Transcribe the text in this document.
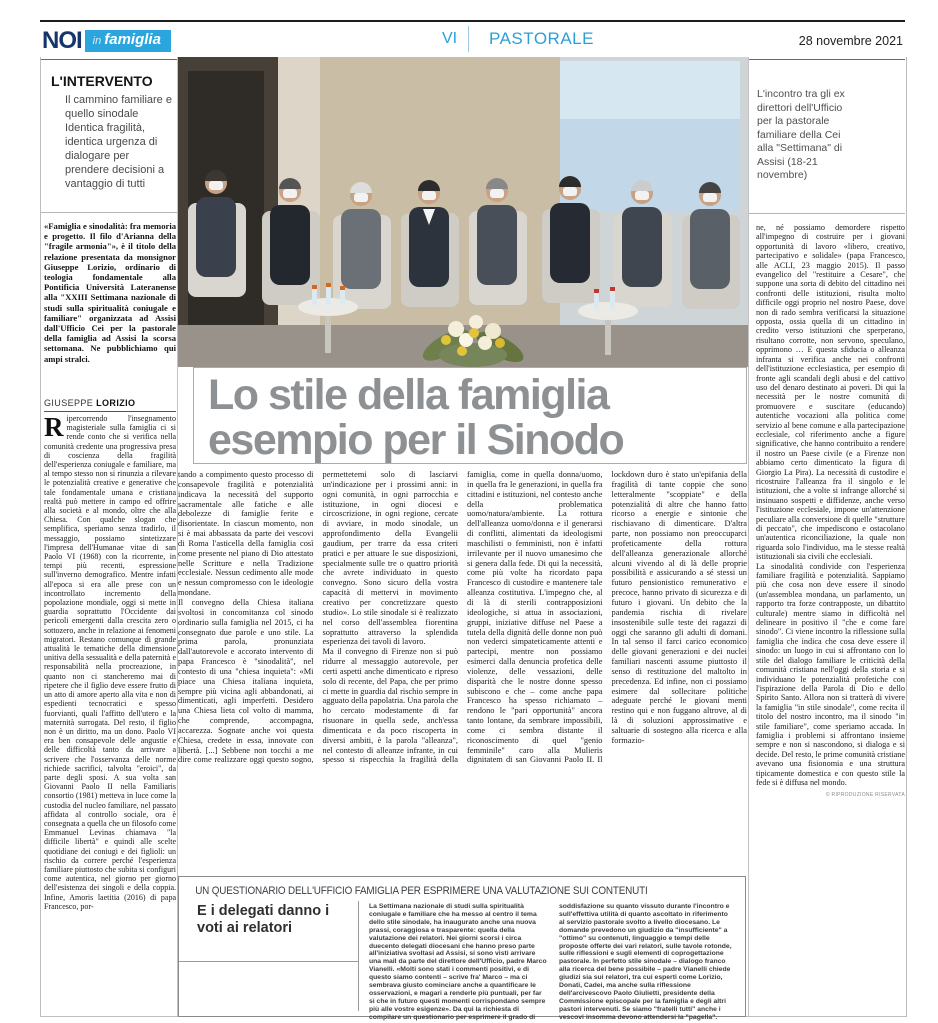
NOI	in famiglia	VI	PASTORALE	28 novembre 2021
L'INTERVENTO
Il cammino familiare e quello sinodale Identica fragilità, identica urgenza di dialogare per prendere decisioni a vantaggio di tutti
«Famiglia e sinodalità: fra memoria e progetto. Il filo d'Arianna della "fragile armonia"», è il titolo della relazione presentata da monsignor Giuseppe Lorizio, ordinario di teologia fondamentale alla Pontificia Università Lateranense alla "XXIII Settimana nazionale di studi sulla spiritualità coniugale e familiare" organizzata ad Assisi dall'Ufficio Cei per la pastorale della famiglia ad Assisi la scorsa settomana. Ne pubblichiamo qui ampi stralci.
GIUSEPPE LORIZIO
Ripercorrendo l'insegnamento magisteriale sulla famiglia ci si rende conto che si verifica nella comunità credente una progressiva presa di coscienza della fragilità dell'esperienza coniugale e familiare, ma al tempo stesso non si rinunzia a rilevare le potenzialità creative e generative che tale fondamentale umana e cristiana realtà può mettere in campo ed offrire alla società e al mondo, oltre che alla Chiesa. Con qualche slogan che semplifica, speriamo senza tradirlo, il messaggio, possiamo sintetizzare l'impresa dell'Humanae vitae di san Paolo VI (1968) con la ricorrente, in tempi più recenti, espressione sull'inverno demografico. Mentre infatti all'epoca si era alle prese con un incontrollato incremento della popolazione mondiale, oggi si mette in guardia soprattutto l'Occidente dai pericoli emergenti dalla crescita zero o sottozero, anche in relazione ai fenomeni migratori. Restano comunque di grande attualità le tematiche della dimensione unitiva della sessualità e della paternità e responsabilità nella procreazione, in quanto non ci stancheremo mai di ripetere che il figlio deve essere frutto di un atto di amore aperto alla vita e non di espedienti tecnocratici e spesso fuorvianti, quali l'affitto dell'utero e la maternità surrogata. Del resto, il figlio non è un diritto, ma un dono. Paolo VI era ben consapevole delle angustie e delle difficoltà tanto da arrivare a scrivere che l'osservanza delle norme richiede sacrifici, talvolta "eroici", da parte degli sposi. A sua volta san Giovanni Paolo II nella Familiaris consortio (1981) metteva in luce come la custodia del nucleo familiare, nel passato affidata al controllo sociale, ora è consegnata a quella che un filosofo come Emmanuel Levinas chiamava "la difficile libertà" e quindi alle scelte quotidiane dei coniugi e dei figlioli: un rischio da correre perché l'esperienza familiare piuttosto che subita si configuri come autentica, nel giorno per giorno dell'esistenza dei singoli e della coppia. Infine, Amoris laetitia (2016) di papa Francesco, por-
Lo stile della famiglia esempio per il Sinodo
L'incontro tra gli ex direttori dell'Ufficio per la pastorale familiare della Cei alla "Settimana" di Assisi (18-21 novembre)

ne, né possiamo demordere rispetto all'impegno di costruire per i giovani opportunità di lavoro «libero, creativo, partecipativo e solidale» (papa Francesco, alle ACLI, 23 maggio 2015). Il passo evangelico del "restituire a Cesare", che suppone una sorta di debito del cittadino nei confronti delle istituzioni, risulta molto difficile oggi proprio nel nostro Paese, dove non di rado sembra verificarsi la situazione opposta, ossia quella di un cittadino in credito verso istituzioni che sperperano, risultano corrotte, non servono, speculano, opprimono … E questa sfiducia o alleanza infranta si verifica anche nei confronti dell'istituzione ecclesiastica, per esempio di fronte agli scandali degli abusi e del cattivo uso del denaro destinato ai poveri. Di qui la necessità per le nostre comunità di promuovere e suscitare (educando) autentiche vocazioni alla politica come servizio al bene comune e alla partecipazione ecclesiale, col riferimento anche a figure significative, che hanno contribuito a rendere il nostro un Paese civile (e a Firenze non abbiamo certo dimenticato la figura di Giorgio La Pira). La necessità di custodire e ricostruire l'alleanza fra il singolo e le istituzioni, che a volte si infrange allorché si insinuano sospetti e diffidenze, anche verso l'istituzione ecclesiale, impone un'attenzione peculiare alla conversione di quelle "strutture di peccato", che impediscono e ostacolano un'autentica riconciliazione, la quale non riguarda solo l'individuo, ma le stesse realtà istituzionali sia civili che ecclesiali.

La sinodalità condivide con l'esperienza familiare fragilità e potenzialità. Sappiamo più che cosa non deve essere il sinodo (un'assemblea mondana, un parlamento, un rapporto tra forze contrapposte, un dibattito culturale) mentre siamo in difficoltà nel delineare in positivo il "che e come fare sinodo". Ci viene incontro la riflessione sulla famiglia che indica che cosa deve essere il sinodo: un luogo in cui si affrontano con lo stile del dialogo familiare le criticità della comunità cristiana nell'oggi della storia e si individuano le potenzialità profetiche con l'ispirazione della Parola di Dio e dello Spirito Santo. Allora non si tratterà di vivere la famiglia "in stile sinodale", come recita il titolo del nostro incontro, ma il sinodo "in stile familiare", come speriamo accada. In famiglia i problemi si affrontano insieme sempre e non si nascondono, si dialoga e si decide. Del resto, le prime comunità cristiane avevano una fisionomia e una struttura tipicamente domestica e con questo stile la fede si è diffusa nel mondo.

© RIPRODUZIONE RISERVATA

tando a compimento questo processo di consapevole fragilità e potenzialità indicava la necessità del supporto sacramentale alle fatiche e alle debolezze di famiglie ferite e disorientate. In ciascun momento, non si è mai abbassata da parte dei vescovi di Roma l'asticella della famiglia così come presente nel piano di Dio attestato nelle Scritture e nella Tradizione ecclesiale. Nessun cedimento alle mode e nessun compromesso con le ideologie mondane.

Il convegno della Chiesa italiana svoltosi in concomitanza col sinodo ordinario sulla famiglia nel 2015, ci ha consegnato due parole e uno stile. La prima parola, pronunziata dall'autorevole e accorato intervento di papa Francesco è "sinodalità", nel contesto di una "chiesa inquieta": «Mi piace una Chiesa italiana inquieta, sempre più vicina agli abbandonati, ai dimenticati, agli imperfetti. Desidero una Chiesa lieta col volto di mamma, che comprende, accompagna, accarezza. Sognate anche voi questa Chiesa, credete in essa, innovate con libertà. [...] Sebbene non tocchi a me dire come realizzare oggi questo sogno, permettetemi solo di lasciarvi un'indicazione per i prossimi anni: in ogni comunità, in ogni parrocchia e istituzione, in ogni diocesi e circoscrizione, in ogni regione, cercate di avviare, in modo sinodale, un approfondimento della Evangelii gaudium, per trarre da essa criteri pratici e per attuare le sue disposizioni, specialmente sulle tre o quattro priorità che avrete individuato in questo convegno. Sono sicuro della vostra capacità di mettervi in movimento creativo per concretizzare questo studio». Lo stile sinodale si è realizzato nel corso dell'assemblea fiorentina soprattutto attraverso la splendida esperienza dei tavoli di lavoro.

Ma il convegno di Firenze non si può ridurre al messaggio autorevole, per certi aspetti anche dimenticato e ripreso solo di recente, del Papa, che per primo ci mette in guardia dal rischio sempre in agguato della papolatria. Una parola che ho cercato modestamente di far risuonare in quella sede, anch'essa dimenticata e da poco riscoperta in diversi ambiti, è la parola "alleanza", nel contesto di alleanze infrante, in cui spesso si rispecchia la fragilità della famiglia, come in quella donna/uomo, in quella fra le generazioni, in quella fra cittadini e istituzioni, nel contesto anche della problematica uomo/natura/ambiente. La rottura dell'alleanza uomo/donna e il generarsi di conflitti, alimentati da ideologismi maschilisti o femministi, non è infatti irrilevante per il nuovo umanesimo che si genera dalla fede. Di qui la necessità, come più volte ha ricordato papa Francesco di custodire e mantenere tale alleanza costitutiva. L'impegno che, al di là di sterili contrapposizioni ideologiche, si attua in associazioni, gruppi, iniziative diffuse nel Paese a tutela della dignità delle donne non può non vederci simpateticamente attenti e partecipi, mentre non possiamo esimerci dalla denuncia profetica delle violenze, delle vessazioni, delle disparità che le nostre donne spesso subiscono e che – come anche papa Francesco ha spesso richiamato – rendono le "pari opportunità" ancora tanto lontane, da sembrare impossibili, come ci sembra distante il riconoscimento di quel "genio femminile" caro alla Mulieris dignitatem di san Giovanni Paolo II. Il lockdown duro è stato un'epifania della fragilità di tante coppie che sono letteralmente "scoppiate" e della potenzialità di altre che hanno fatto ricorso a energie e sintonie che rischiavano di dimenticare. D'altra parte, non possiamo non preoccuparci profeticamente della rottura dell'alleanza generazionale allorché alcuni vivendo al di là delle proprie possibilità e assicurando a sé stessi un futuro pensionistico remunerativo e precoce, hanno privato di sicurezza e di futuro i giovani. Un debito che la pandemia rischia di rivelare insostenibile sulle teste dei ragazzi di oggi che saranno gli adulti di domani. In tal senso il farci carico economico delle giovani generazioni e dei nuclei familiari nascenti assume piuttosto il senso di restituzione del maltolto in precedenza. Ed infine, non ci possiamo esimere dal sollecitare politiche adeguate perché le giovani menti restino qui e non fuggano altrove, al di là di soluzioni approssimative e saltuarie di sostegno alla ricerca e alla formazio-

UN QUESTIONARIO DELL'UFFICIO FAMIGLIA PER ESPRIMERE UNA VALUTAZIONE SUI CONTENUTI
E i delegati danno i voti ai relatori
La Settimana nazionale di studi sulla spiritualità coniugale e familiare che ha messo al centro il tema dello stile sinodale, ha inaugurato anche una nuova prassi, coraggiosa e trasparente: quella della valutazione dei relatori. Nei giorni scorsi i circa duecento delegati diocesani che hanno preso parte all'iniziativa svoltasi ad Assisi, si sono visti arrivare una mail da parte del direttore dell'Ufficio, padre Marco Vianelli. «Molti sono stati i commenti positivi, e di questo siamo contenti – scrive fra' Marco – ma ci sembrava giusto cominciare anche a quantificare le osservazioni, e magari a renderle più puntuali, per far sì che in futuro questi momenti corrispondano sempre più alle vostre esigenze». Da qui la richiesta di compilare un questionario per esprimere il grado di
soddisfazione su quanto vissuto durante l'incontro e sull'effettiva utilità di quanto ascoltato in riferimento al servizio pastorale svolto a livello diocesano. Le domande prevedono un giudizio da "insufficiente" a "ottimo" su contenuti, linguaggio e tempi delle proposte offerte dei vari relatori, sulle tavole rotonde, sulle riflessioni e sugli elementi di coprogettazione pastorale. In perfetto stile sinodale – dialogo franco alla ricerca del bene possibile – padre Vianelli chiede giudizi sia sui relatori, tra cui esperti come Lorizio, Donati, Cadei, ma anche sulla riflessione dell'arcivescovo Paolo Giulietti, presidente della Commissione episcopale per la famiglia e degli altri pastori intervenuti. Se siamo "fratelli tutti" anche i vescovi insomma devono attendersi la "pagella".
